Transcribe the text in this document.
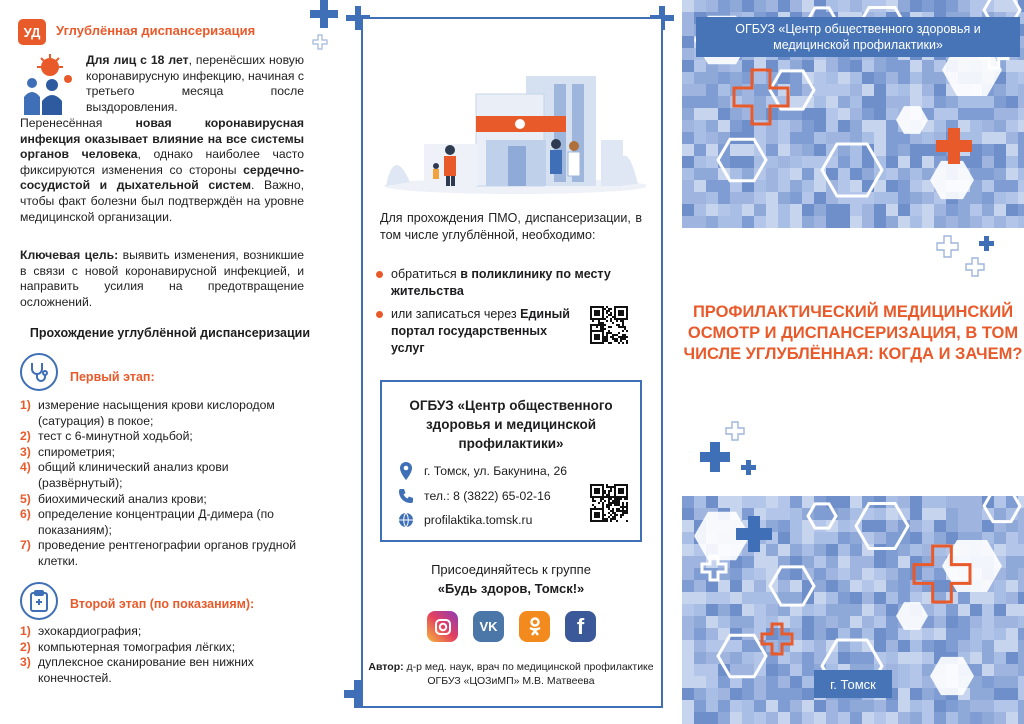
УД	Углублённая диспансеризация
Для лиц с 18 лет, перенёсших новую коронавирусную инфекцию, начиная с третьего месяца после выздоровления.
Перенесённая новая коронавирусная инфекция оказывает влияние на все системы органов человека, однако наиболее часто фиксируются изменения со стороны сердечно-сосудистой и дыхательной систем. Важно, чтобы факт болезни был подтверждён на уровне медицинской организации.
Ключевая цель: выявить изменения, возникшие в связи с новой коронавирусной инфекцией, и направить усилия на предотвращение осложнений.
Прохождение углублённой диспансеризации
Первый этап:
1) измерение насыщения крови кислородом (сатурация) в покое;
2) тест с 6-минутной ходьбой;
3) спирометрия;
4) общий клинический анализ крови (развёрнутый);
5) биохимический анализ крови;
6) определение концентрации Д-димера (по показаниям);
7) проведение рентгенографии органов грудной клетки.
Второй этап (по показаниям):
1) эхокардиография;
2) компьютерная томография лёгких;
3) дуплексное сканирование вен нижних конечностей.
Для прохождения ПМО, диспансеризации, в том числе углублённой, необходимо:
обратиться в поликлинику по месту жительства
или записаться через Единый портал государственных услуг
ОГБУЗ «Центр общественного здоровья и медицинской профилактики»
г. Томск, ул. Бакунина, 26
тел.: 8 (3822) 65-02-16
profilaktika.tomsk.ru
Присоединяйтесь к группе
«Будь здоров, Томск!»
VK	f
Автор: д-р мед. наук, врач по медицинской профилактике ОГБУЗ «ЦОЗиМП» М.В. Матвеева
ОГБУЗ «Центр общественного здоровья и медицинской профилактики»
ПРОФИЛАКТИЧЕСКИЙ МЕДИЦИНСКИЙ ОСМОТР И ДИСПАНСЕРИЗАЦИЯ, В ТОМ ЧИСЛЕ УГЛУБЛЁННАЯ: КОГДА И ЗАЧЕМ?
г. Томск
